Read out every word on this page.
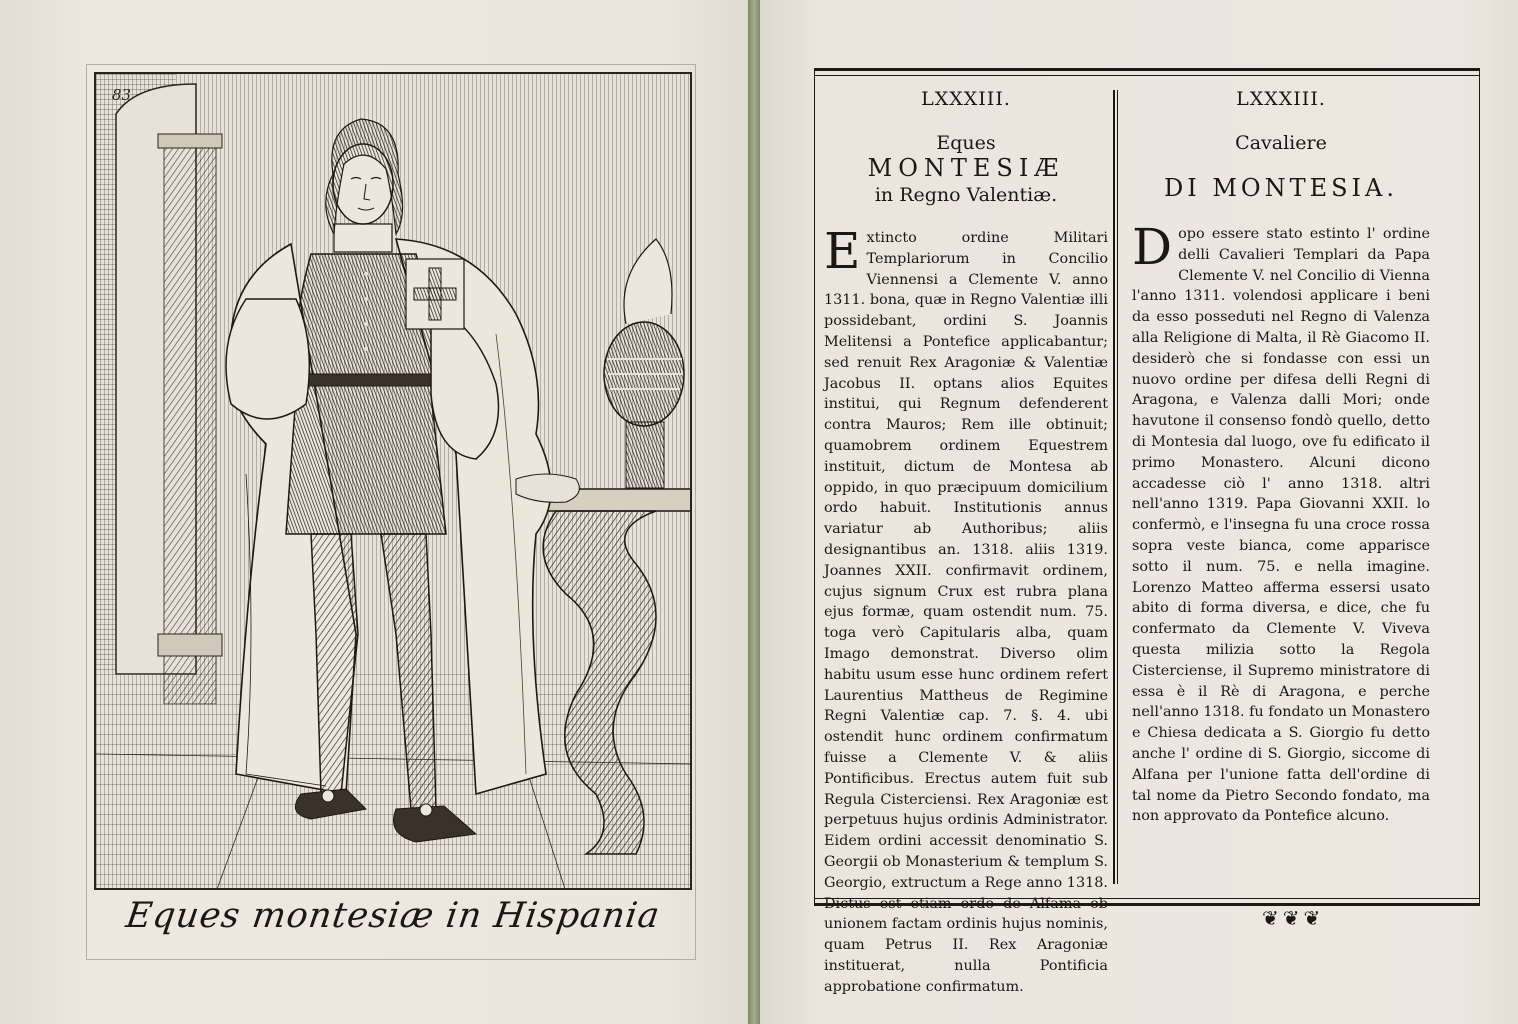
83
Eques montesiæ in Hispania
LXXXIII.
Eques
MONTESIÆ
in Regno Valentiæ.

Extincto ordine Militari Templariorum in Concilio Viennensi a Clemente V. anno 1311. bona, quæ in Regno Valentiæ illi possidebant, ordini S. Joannis Melitensi a Pontefice applicabantur; sed renuit Rex Aragoniæ & Valentiæ Jacobus II. optans alios Equites institui, qui Regnum defenderent contra Mauros; Rem ille obtinuit; quamobrem ordinem Equestrem instituit, dictum de Montesa ab oppido, in quo præcipuum domicilium ordo habuit. Institutionis annus variatur ab Authoribus; aliis designantibus an. 1318. aliis 1319. Joannes XXII. confirmavit ordinem, cujus signum Crux est rubra plana ejus formæ, quam ostendit num. 75. toga verò Capitularis alba, quam Imago demonstrat. Diverso olim habitu usum esse hunc ordinem refert Laurentius Mattheus de Regimine Regni Valentiæ cap. 7. §. 4. ubi ostendit hunc ordinem confirmatum fuisse a Clemente V. & aliis Pontificibus. Erectus autem fuit sub Regula Cisterciensi. Rex Aragoniæ est perpetuus hujus ordinis Administrator. Eidem ordini accessit denominatio S. Georgii ob Monasterium & templum S. Georgio, extructum a Rege anno 1318. Dictus est etiam ordo de Alfama ob unionem factam ordinis hujus nominis, quam Petrus II. Rex Aragoniæ instituerat, nulla Pontificia approbatione confirmatum.

LXXXIII.
Cavaliere
DI MONTESIA.

Dopo essere stato estinto l' ordine delli Cavalieri Templari da Papa Clemente V. nel Concilio di Vienna l'anno 1311. volendosi applicare i beni da esso posseduti nel Regno di Valenza alla Religione di Malta, il Rè Giacomo II. desiderò che si fondasse con essi un nuovo ordine per difesa delli Regni di Aragona, e Valenza dalli Mori; onde havutone il consenso fondò quello, detto di Montesia dal luogo, ove fu edificato il primo Monastero. Alcuni dicono accadesse ciò l' anno 1318. altri nell'anno 1319. Papa Giovanni XXII. lo confermò, e l'insegna fu una croce rossa sopra veste bianca, come apparisce sotto il num. 75. e nella imagine. Lorenzo Matteo afferma essersi usato abito di forma diversa, e dice, che fu confermato da Clemente V. Viveva questa milizia sotto la Regola Cisterciense, il Supremo ministratore di essa è il Rè di Aragona, e perche nell'anno 1318. fu fondato un Monastero e Chiesa dedicata a S. Giorgio fu detto anche l' ordine di S. Giorgio, siccome di Alfana per l'unione fatta dell'ordine di tal nome da Pietro Secondo fondato, ma non approvato da Pontefice alcuno.

❦❦❦
